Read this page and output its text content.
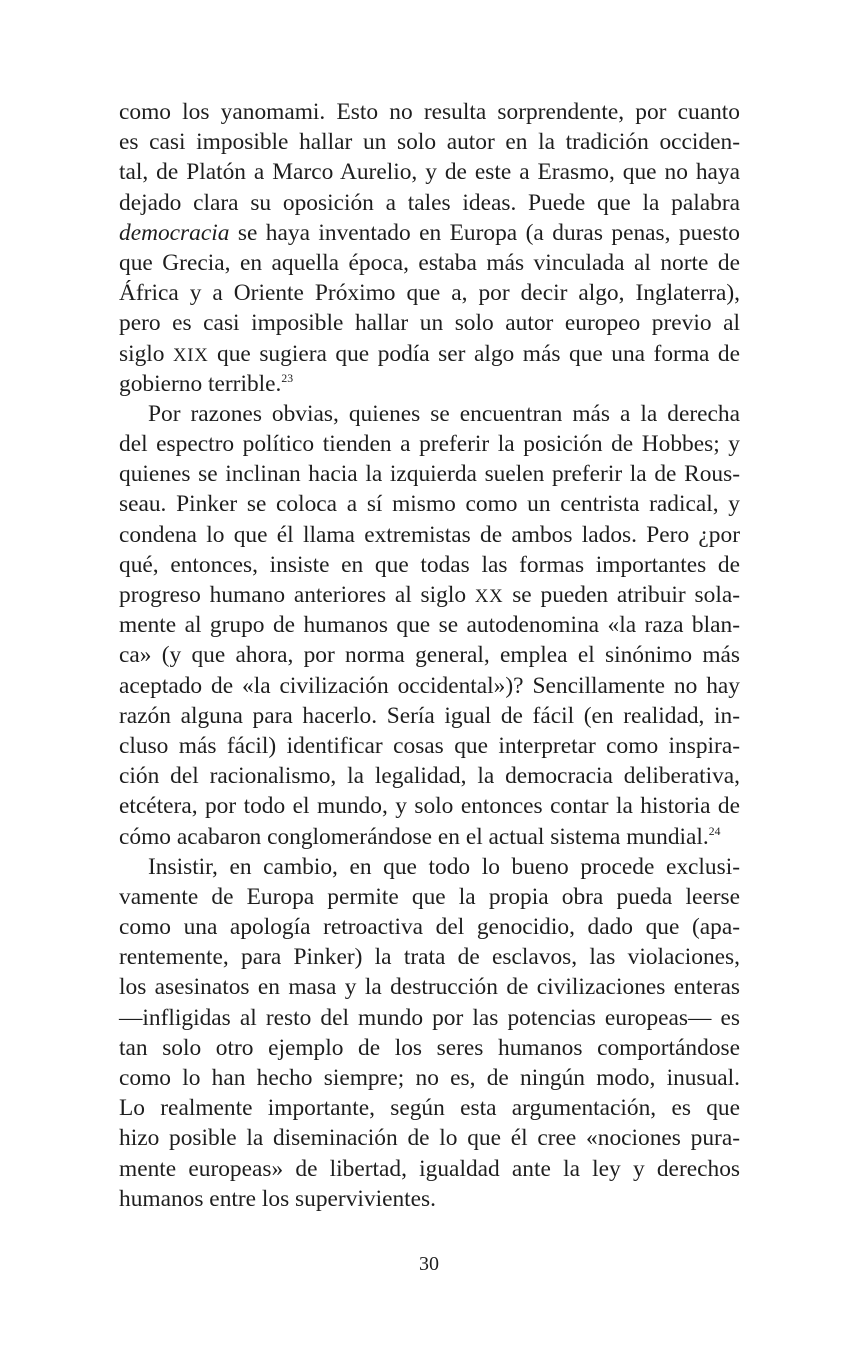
como los yanomami. Esto no resulta sorprendente, por cuanto
es casi imposible hallar un solo autor en la tradición occiden-
tal, de Platón a Marco Aurelio, y de este a Erasmo, que no haya
dejado clara su oposición a tales ideas. Puede que la palabra
democracia se haya inventado en Europa (a duras penas, puesto
que Grecia, en aquella época, estaba más vinculada al norte de
África y a Oriente Próximo que a, por decir algo, Inglaterra),
pero es casi imposible hallar un solo autor europeo previo al
siglo XIX que sugiera que podía ser algo más que una forma de
gobierno terrible.$^{23}$
Por razones obvias, quienes se encuentran más a la derecha
del espectro político tienden a preferir la posición de Hobbes; y
quienes se inclinan hacia la izquierda suelen preferir la de Rous-
seau. Pinker se coloca a sí mismo como un centrista radical, y
condena lo que él llama extremistas de ambos lados. Pero ¿por
qué, entonces, insiste en que todas las formas importantes de
progreso humano anteriores al siglo XX se pueden atribuir sola-
mente al grupo de humanos que se autodenomina «la raza blan-
ca» (y que ahora, por norma general, emplea el sinónimo más
aceptado de «la civilización occidental»)? Sencillamente no hay
razón alguna para hacerlo. Sería igual de fácil (en realidad, in-
cluso más fácil) identificar cosas que interpretar como inspira-
ción del racionalismo, la legalidad, la democracia deliberativa,
etcétera, por todo el mundo, y solo entonces contar la historia de
cómo acabaron conglomerándose en el actual sistema mundial.$^{24}$
Insistir, en cambio, en que todo lo bueno procede exclusi-
vamente de Europa permite que la propia obra pueda leerse
como una apología retroactiva del genocidio, dado que (apa-
rentemente, para Pinker) la trata de esclavos, las violaciones,
los asesinatos en masa y la destrucción de civilizaciones enteras
—infligidas al resto del mundo por las potencias europeas— es
tan solo otro ejemplo de los seres humanos comportándose
como lo han hecho siempre; no es, de ningún modo, inusual.
Lo realmente importante, según esta argumentación, es que
hizo posible la diseminación de lo que él cree «nociones pura-
mente europeas» de libertad, igualdad ante la ley y derechos
humanos entre los supervivientes.
30
